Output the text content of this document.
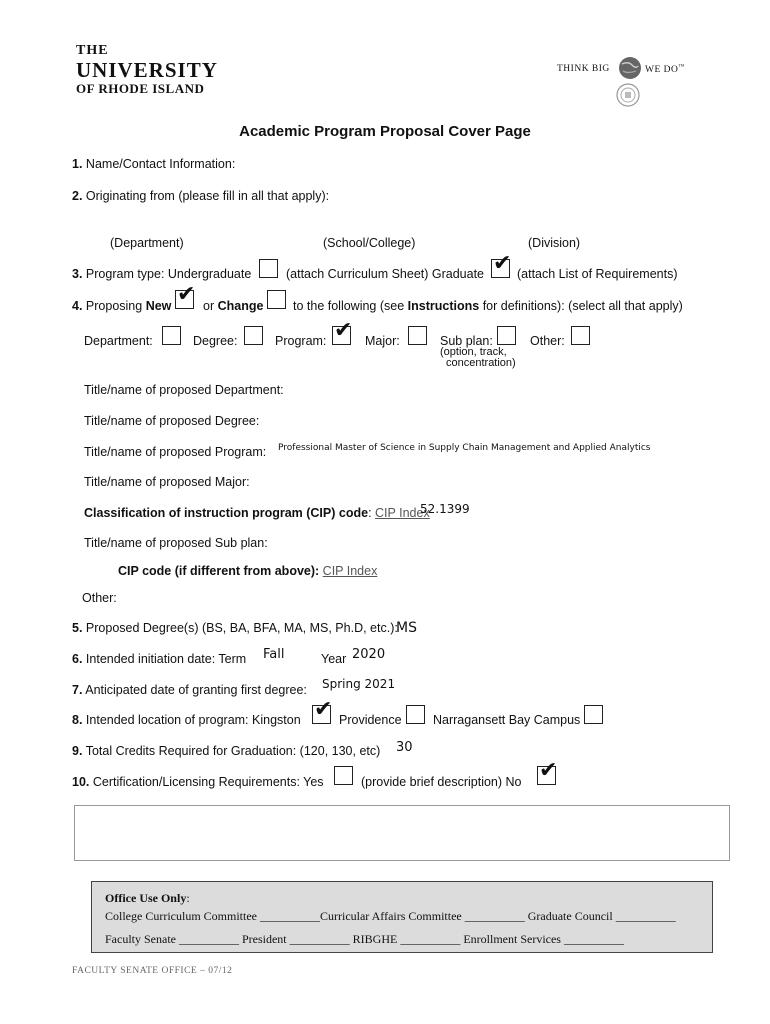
THE
UNIVERSITY
OF RHODE ISLAND
THINK BIG	WE DO™
Academic Program Proposal Cover Page
1. Name/Contact Information:
2. Originating from (please fill in all that apply):
(Department)	(School/College)	(Division)
3. Program type: Undergraduate	(attach Curriculum Sheet) Graduate ✔ (attach List of Requirements)
4. Proposing New ✔ or Change to the following (see Instructions for definitions): (select all that apply)
Department:	Degree:	Program: ✔ Major:	Sub plan:
(option, track,
concentration)
Other:
Title/name of proposed Department:
Title/name of proposed Degree:
Title/name of proposed Program: Professional Master of Science in Supply Chain Management and Applied Analytics
Title/name of proposed Major:
Classification of instruction program (CIP) code: CIP Index
52.1399
Title/name of proposed Sub plan:
CIP code (if different from above): CIP Index
Other:
5. Proposed Degree(s) (BS, BA, BFA, MA, MS, Ph.D, etc.):
MS
6. Intended initiation date: Term Fall	Year 2020
7. Anticipated date of granting first degree: Spring 2021
8. Intended location of program: Kingston ✔ Providence	Narragansett Bay Campus
9. Total Credits Required for Graduation: (120, 130, etc) 30
10. Certification/Licensing Requirements: Yes	(provide brief description) No ✔
Office Use Only:
College Curriculum Committee __________Curricular Affairs Committee __________ Graduate Council __________
Faculty Senate __________ President __________ RIBGHE __________ Enrollment Services __________
FACULTY SENATE OFFICE – 07/12
